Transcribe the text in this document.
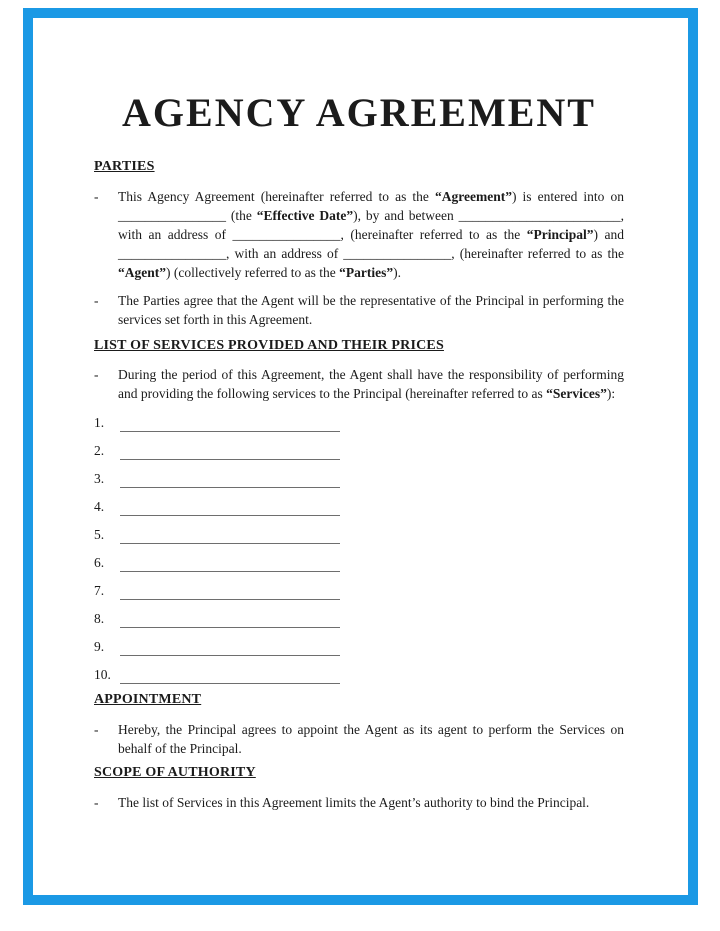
AGENCY AGREEMENT
PARTIES
-	This Agency Agreement (hereinafter referred to as the “Agreement”) is entered into on ________________ (the “Effective Date”), by and between ________________________, with an address of ________________, (hereinafter referred to as the “Principal”) and ________________, with an address of ________________, (hereinafter referred to as the “Agent”) (collectively referred to as the “Parties”).
-	The Parties agree that the Agent will be the representative of the Principal in performing the services set forth in this Agreement.
LIST OF SERVICES PROVIDED AND THEIR PRICES
-	During the period of this Agreement, the Agent shall have the responsibility of performing and providing the following services to the Principal (hereinafter referred to as “Services”):
1.
2.
3.
4.
5.
6.
7.
8.
9.
10.
APPOINTMENT
-	Hereby, the Principal agrees to appoint the Agent as its agent to perform the Services on behalf of the Principal.
SCOPE OF AUTHORITY
-	The list of Services in this Agreement limits the Agent’s authority to bind the Principal.
